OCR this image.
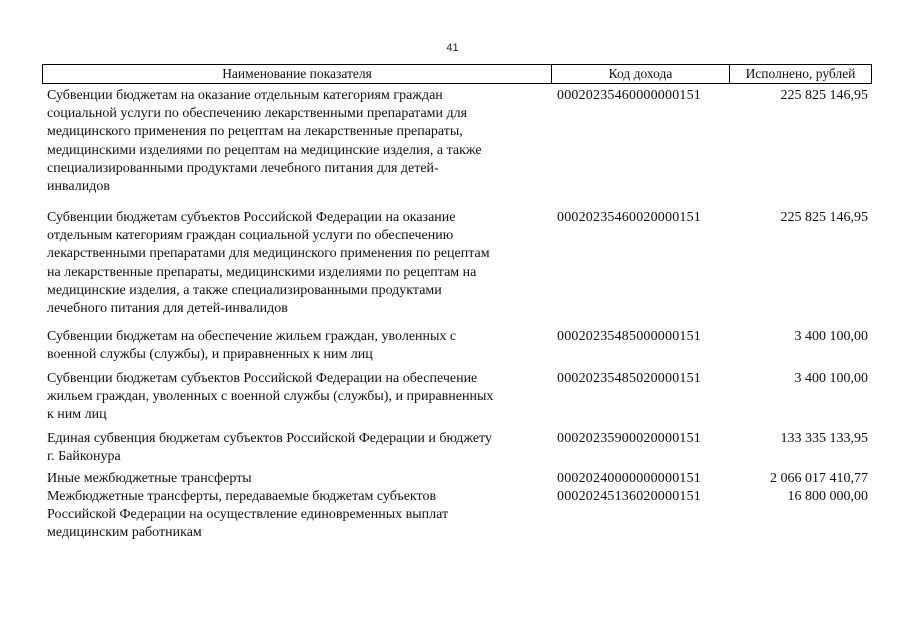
41
Наименование показателя	Код дохода	Исполнено, рублей
Субвенции бюджетам на оказание отдельным категориям граждан
социальной услуги по обеспечению лекарственными препаратами для
медицинского применения по рецептам на лекарственные препараты,
медицинскими изделиями по рецептам на медицинские изделия, а также
специализированными продуктами лечебного питания для детей-
инвалидов
00020235460000000151	225 825 146,95
Субвенции бюджетам субъектов Российской Федерации на оказание
отдельным категориям граждан социальной услуги по обеспечению
лекарственными препаратами для медицинского применения по рецептам
на лекарственные препараты, медицинскими изделиями по рецептам на
медицинские изделия, а также специализированными продуктами
лечебного питания для детей-инвалидов
00020235460020000151	225 825 146,95
Субвенции бюджетам на обеспечение жильем граждан, уволенных с
военной службы (службы), и приравненных к ним лиц
00020235485000000151	3 400 100,00
Субвенции бюджетам субъектов Российской Федерации на обеспечение
жильем граждан, уволенных с военной службы (службы), и приравненных
к ним лиц
00020235485020000151	3 400 100,00
Единая субвенция бюджетам субъектов Российской Федерации и бюджету
г. Байконура
00020235900020000151	133 335 133,95
Иные межбюджетные трансферты	00020240000000000151	2 066 017 410,77
Межбюджетные трансферты, передаваемые бюджетам субъектов
Российской Федерации на осуществление единовременных выплат
медицинским работникам
00020245136020000151	16 800 000,00
